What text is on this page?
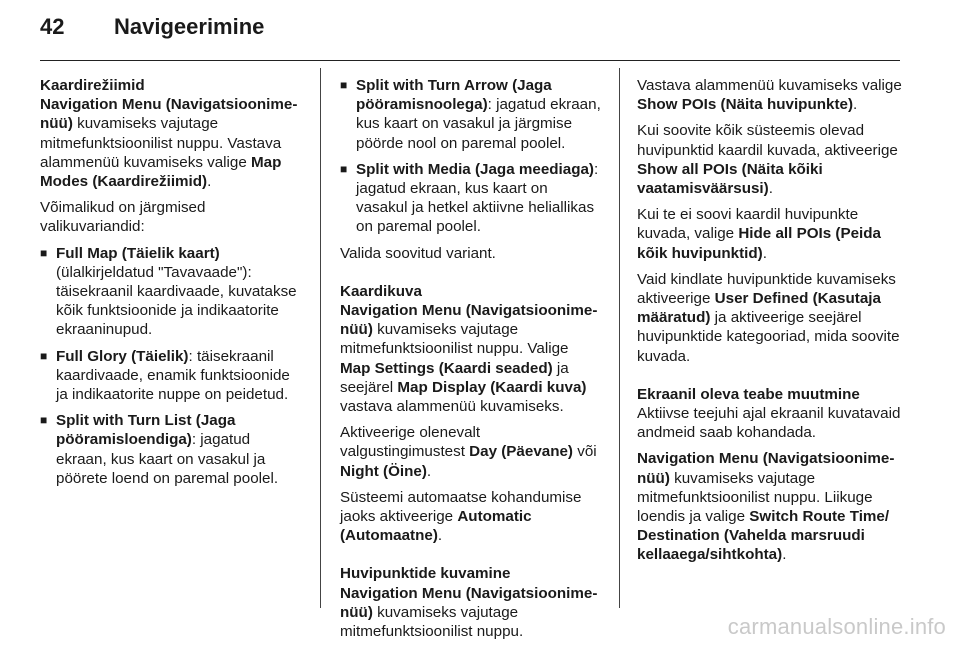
42	Navigeerimine

Kaardirežiimid

Navigation Menu (Navigatsioonimenüü) kuvamiseks vajutage mitmefunktsioonilist nuppu. Vastava alammenüü kuvamiseks valige Map Modes (Kaardirežiimid).

Võimalikud on järgmised valikuvariandid:

■ Full Map (Täielik kaart) (ülalkirjeldatud "Tavavaade"): täisekraanil kaardivaade, kuvatakse kõik funktsioonide ja indikaatorite ekraaninupud.
■ Full Glory (Täielik): täisekraanil kaardivaade, enamik funktsioonide ja indikaatorite nuppe on peidetud.
■ Split with Turn List (Jaga pööramisloendiga): jagatud ekraan, kus kaart on vasakul ja pöörete loend on paremal poolel.
■ Split with Turn Arrow (Jaga pööramisnoolega): jagatud ekraan, kus kaart on vasakul ja järgmise pöörde nool on paremal poolel.
■ Split with Media (Jaga meediaga): jagatud ekraan, kus kaart on vasakul ja hetkel aktiivne heliallikas on paremal poolel.

Valida soovitud variant.

Kaardikuva

Navigation Menu (Navigatsioonimenüü) kuvamiseks vajutage mitmefunktsioonilist nuppu. Valige Map Settings (Kaardi seaded) ja seejärel Map Display (Kaardi kuva) vastava alammenüü kuvamiseks.

Aktiveerige olenevalt valgustingimustest Day (Päevane) või Night (Öine).

Süsteemi automaatse kohandumise jaoks aktiveerige Automatic (Automaatne).

Huvipunktide kuvamine

Navigation Menu (Navigatsioonimenüü) kuvamiseks vajutage mitmefunktsioonilist nuppu.

Vastava alammenüü kuvamiseks valige Show POIs (Näita huvipunkte).

Kui soovite kõik süsteemis olevad huvipunktid kaardil kuvada, aktiveerige Show all POIs (Näita kõiki vaatamisväärsusi).

Kui te ei soovi kaardil huvipunkte kuvada, valige Hide all POIs (Peida kõik huvipunktid).

Vaid kindlate huvipunktide kuvamiseks aktiveerige User Defined (Kasutaja määratud) ja aktiveerige seejärel huvipunktide kategooriad, mida soovite kuvada.

Ekraanil oleva teabe muutmine

Aktiivse teejuhi ajal ekraanil kuvatavaid andmeid saab kohandada.

Navigation Menu (Navigatsioonimenüü) kuvamiseks vajutage mitmefunktsioonilist nuppu. Liikuge loendis ja valige Switch Route Time/ Destination (Vahelda marsruudi kellaaega/sihtkohta).

carmanualsonline.info
